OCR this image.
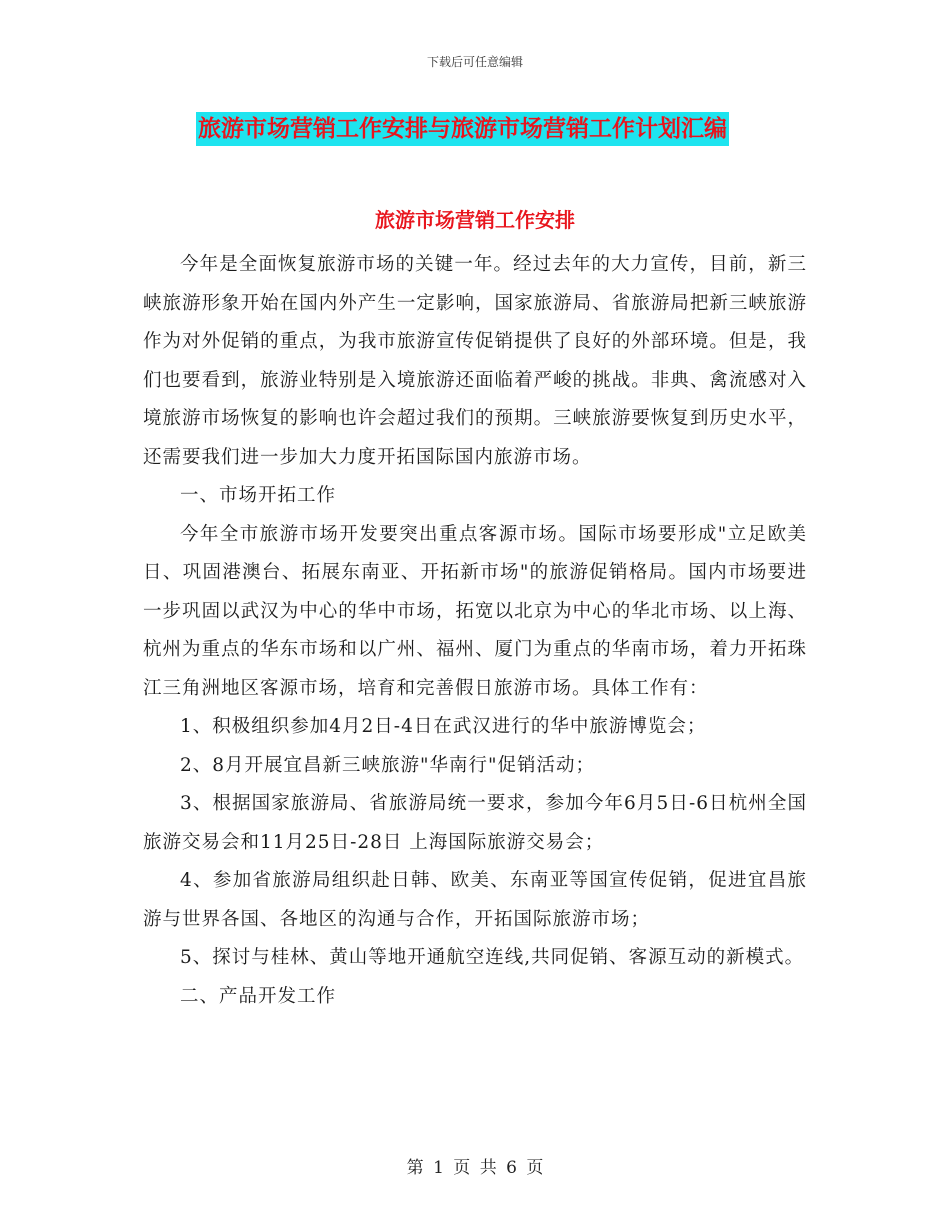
下载后可任意编辑
旅游市场营销工作安排与旅游市场营销工作计划汇编
旅游市场营销工作安排

今年是全面恢复旅游市场的关键一年。经过去年的大力宣传，目前，新三峡旅游形象开始在国内外产生一定影响，国家旅游局、省旅游局把新三峡旅游作为对外促销的重点，为我市旅游宣传促销提供了良好的外部环境。但是，我们也要看到，旅游业特别是入境旅游还面临着严峻的挑战。非典、禽流感对入境旅游市场恢复的影响也许会超过我们的预期。三峡旅游要恢复到历史水平，还需要我们进一步加大力度开拓国际国内旅游市场。

一、市场开拓工作

今年全市旅游市场开发要突出重点客源市场。国际市场要形成"立足欧美日、巩固港澳台、拓展东南亚、开拓新市场"的旅游促销格局。国内市场要进一步巩固以武汉为中心的华中市场，拓宽以北京为中心的华北市场、以上海、杭州为重点的华东市场和以广州、福州、厦门为重点的华南市场，着力开拓珠江三角洲地区客源市场，培育和完善假日旅游市场。具体工作有：

1、积极组织参加4月2日-4日在武汉进行的华中旅游博览会；

2、8月开展宜昌新三峡旅游"华南行"促销活动；

3、根据国家旅游局、省旅游局统一要求，参加今年6月5日-6日杭州全国旅游交易会和11月25日-28日 上海国际旅游交易会；

4、参加省旅游局组织赴日韩、欧美、东南亚等国宣传促销，促进宜昌旅游与世界各国、各地区的沟通与合作，开拓国际旅游市场；

5、探讨与桂林、黄山等地开通航空连线,共同促销、客源互动的新模式。

二、产品开发工作

第 1 页 共 6 页
